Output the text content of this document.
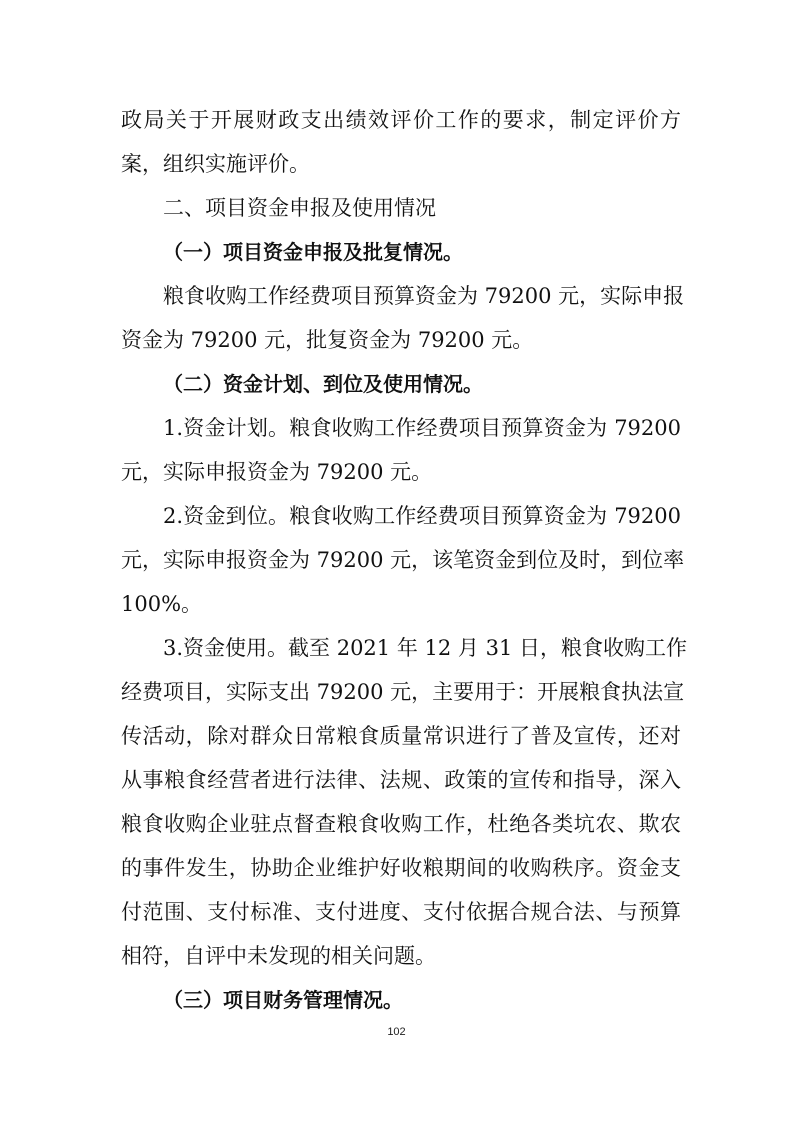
政局关于开展财政支出绩效评价工作的要求，制定评价方
案，组织实施评价。
二、项目资金申报及使用情况
（一）项目资金申报及批复情况。
粮食收购工作经费项目预算资金为 79200 元，实际申报
资金为 79200 元，批复资金为 79200 元。
（二）资金计划、到位及使用情况。
1.资金计划。粮食收购工作经费项目预算资金为 79200
元，实际申报资金为 79200 元。
2.资金到位。粮食收购工作经费项目预算资金为 79200
元，实际申报资金为 79200 元，该笔资金到位及时，到位率
100%。
3.资金使用。截至 2021 年 12 月 31 日，粮食收购工作
经费项目，实际支出 79200 元，主要用于：开展粮食执法宣
传活动，除对群众日常粮食质量常识进行了普及宣传，还对
从事粮食经营者进行法律、法规、政策的宣传和指导，深入
粮食收购企业驻点督查粮食收购工作，杜绝各类坑农、欺农
的事件发生，协助企业维护好收粮期间的收购秩序。资金支
付范围、支付标准、支付进度、支付依据合规合法、与预算
相符，自评中未发现的相关问题。
（三）项目财务管理情况。
102
